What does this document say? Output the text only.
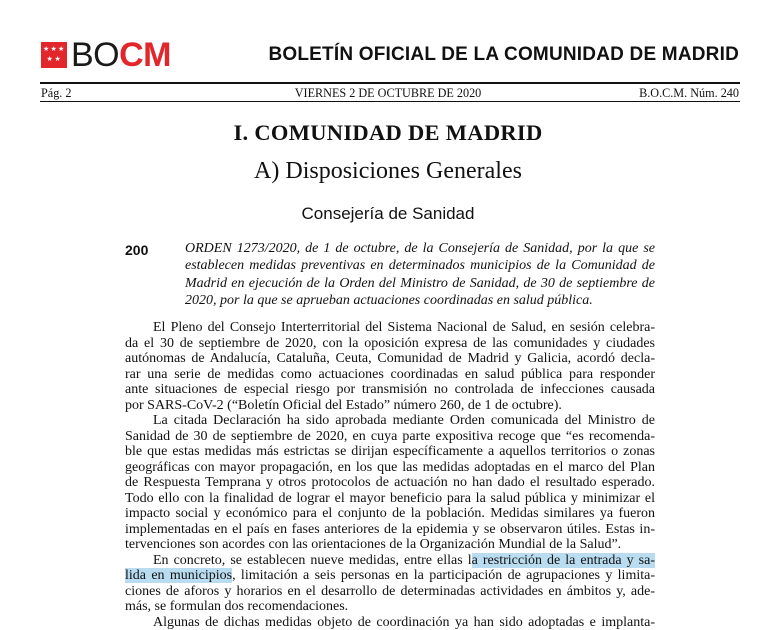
★ ★ ★
★ ★ BO CM	BOLETÍN OFICIAL DE LA COMUNIDAD DE MADRID
Pág. 2	VIERNES 2 DE OCTUBRE DE 2020	B.O.C.M. Núm. 240
I. COMUNIDAD DE MADRID
A) Disposiciones Generales
Consejería de Sanidad
200	ORDEN 1273/2020, de 1 de octubre, de la Consejería de Sanidad, por la que se establecen medidas preventivas en determinados municipios de la Comunidad de Madrid en ejecución de la Orden del Ministro de Sanidad, de 30 de septiembre de 2020, por la que se aprueban actuaciones coordinadas en salud pública.
El Pleno del Consejo Interterritorial del Sistema Nacional de Salud, en sesión celebra-
da el 30 de septiembre de 2020, con la oposición expresa de las comunidades y ciudades
autónomas de Andalucía, Cataluña, Ceuta, Comunidad de Madrid y Galicia, acordó decla-
rar una serie de medidas como actuaciones coordinadas en salud pública para responder
ante situaciones de especial riesgo por transmisión no controlada de infecciones causada
por SARS-CoV-2 (“Boletín Oficial del Estado” número 260, de 1 de octubre).
La citada Declaración ha sido aprobada mediante Orden comunicada del Ministro de
Sanidad de 30 de septiembre de 2020, en cuya parte expositiva recoge que “es recomenda-
ble que estas medidas más estrictas se dirijan específicamente a aquellos territorios o zonas
geográficas con mayor propagación, en los que las medidas adoptadas en el marco del Plan
de Respuesta Temprana y otros protocolos de actuación no han dado el resultado esperado.
Todo ello con la finalidad de lograr el mayor beneficio para la salud pública y minimizar el
impacto social y económico para el conjunto de la población. Medidas similares ya fueron
implementadas en el país en fases anteriores de la epidemia y se observaron útiles. Estas in-
tervenciones son acordes con las orientaciones de la Organización Mundial de la Salud”.
En concreto, se establecen nueve medidas, entre ellas la restricción de la entrada y sa-
lida en municipios, limitación a seis personas en la participación de agrupaciones y limita-
ciones de aforos y horarios en el desarrollo de determinadas actividades en ámbitos y, ade-
más, se formulan dos recomendaciones.
Algunas de dichas medidas objeto de coordinación ya han sido adoptadas e implanta-
